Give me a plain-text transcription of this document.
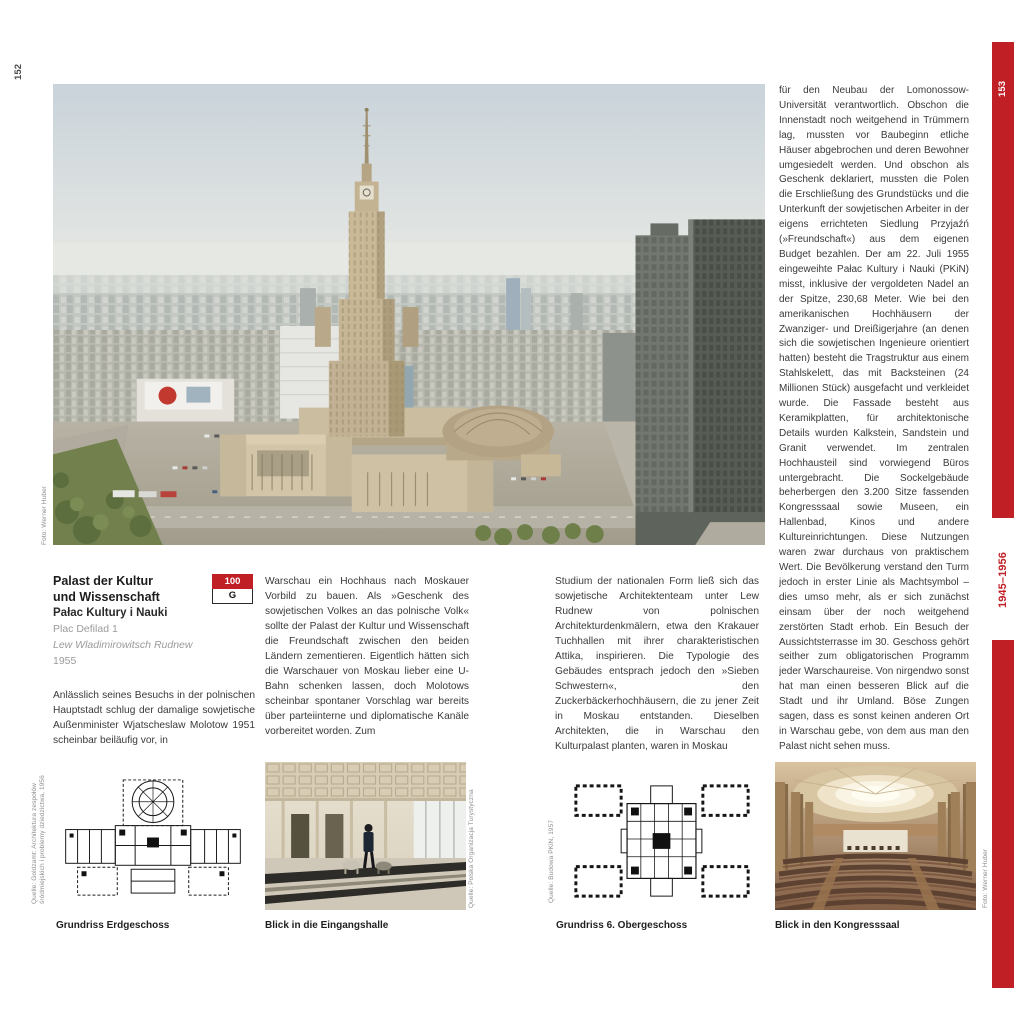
152
Foto: Werner Huber
153
1945–1956
für den Neubau der Lomonossow-Universität verantwortlich. Obschon die Innenstadt noch weitgehend in Trümmern lag, mussten vor Baubeginn etliche Häuser abgebrochen und deren Bewohner umgesiedelt werden. Und obschon als Geschenk deklariert, mussten die Polen die Erschließung des Grundstücks und die Unterkunft der sowjetischen Arbeiter in der eigens errichteten Siedlung Przyjaźń (»Freundschaft«) aus dem eigenen Budget bezahlen. Der am 22. Juli 1955 eingeweihte Pałac Kultury i Nauki (PKiN) misst, inklusive der vergoldeten Nadel an der Spitze, 230,68 Meter. Wie bei den amerikanischen Hochhäusern der Zwanziger- und Dreißigerjahre (an denen sich die sowjetischen Ingenieure orientiert hatten) besteht die Tragstruktur aus einem Stahlskelett, das mit Backsteinen (24 Millionen Stück) ausgefacht und verkleidet wurde. Die Fassade besteht aus Keramikplatten, für architektonische Details wurden Kalkstein, Sandstein und Granit verwendet. Im zentralen Hochhausteil sind vorwiegend Büros untergebracht. Die Sockelgebäude beherbergen den 3.200 Sitze fassenden Kongresssaal sowie Museen, ein Hallenbad, Kinos und andere Kultureinrichtungen. Diese Nutzungen waren zwar durchaus von praktischem Wert. Die Bevölkerung verstand den Turm jedoch in erster Linie als Machtsymbol – dies umso mehr, als er sich zunächst einsam über der noch weitgehend zerstörten Stadt erhob. Ein Besuch der Aussichtsterrasse im 30. Geschoss gehört seither zum obligatorischen Programm jeder Warschaureise. Von nirgendwo sonst hat man einen besseren Blick auf die Stadt und ihr Umland. Böse Zungen sagen, dass es sonst keinen anderen Ort in Warschau gebe, von dem aus man den Palast nicht sehen muss.
Palast der Kultur
und Wissenschaft
Pałac Kultury i Nauki
Plac Defilad 1
Lew Wladimirowitsch Rudnew
1955
100
G
Anlässlich seines Besuchs in der polnischen Hauptstadt schlug der damalige sowjetische Außenminister Wjatscheslaw Molotow 1951 scheinbar beiläufig vor, in
Warschau ein Hochhaus nach Moskauer Vorbild zu bauen. Als »Geschenk des sowjetischen Volkes an das polnische Volk« sollte der Palast der Kultur und Wissenschaft die Freundschaft zwischen den beiden Ländern zementieren. Eigentlich hätten sich die Warschauer von Moskau lieber eine U-Bahn schenken lassen, doch Molotows scheinbar spontaner Vorschlag war bereits über parteiinterne und diplomatische Kanäle vorbereitet worden. Zum
Studium der nationalen Form ließ sich das sowjetische Architektenteam unter Lew Rudnew von polnischen Architekturdenkmälern, etwa den Krakauer Tuchhallen mit ihrer charakteristischen Attika, inspirieren. Die Typologie des Gebäudes entsprach jedoch den »Sieben Schwestern«, den Zuckerbäckerhochhäusern, die zu jener Zeit in Moskau entstanden. Dieselben Architekten, die in Warschau den Kulturpalast planten, waren in Moskau
Quelle: Goldzamt: Architektura zespołów śródmiejskich i problemy dziedzictwa, 1956
Grundriss Erdgeschoss
Quelle: Polska Organizacja Turystyczna
Blick in die Eingangshalle
Quelle: Budowa PKiN, 1957
Grundriss 6. Obergeschoss
Foto: Werner Huber
Blick in den Kongresssaal
